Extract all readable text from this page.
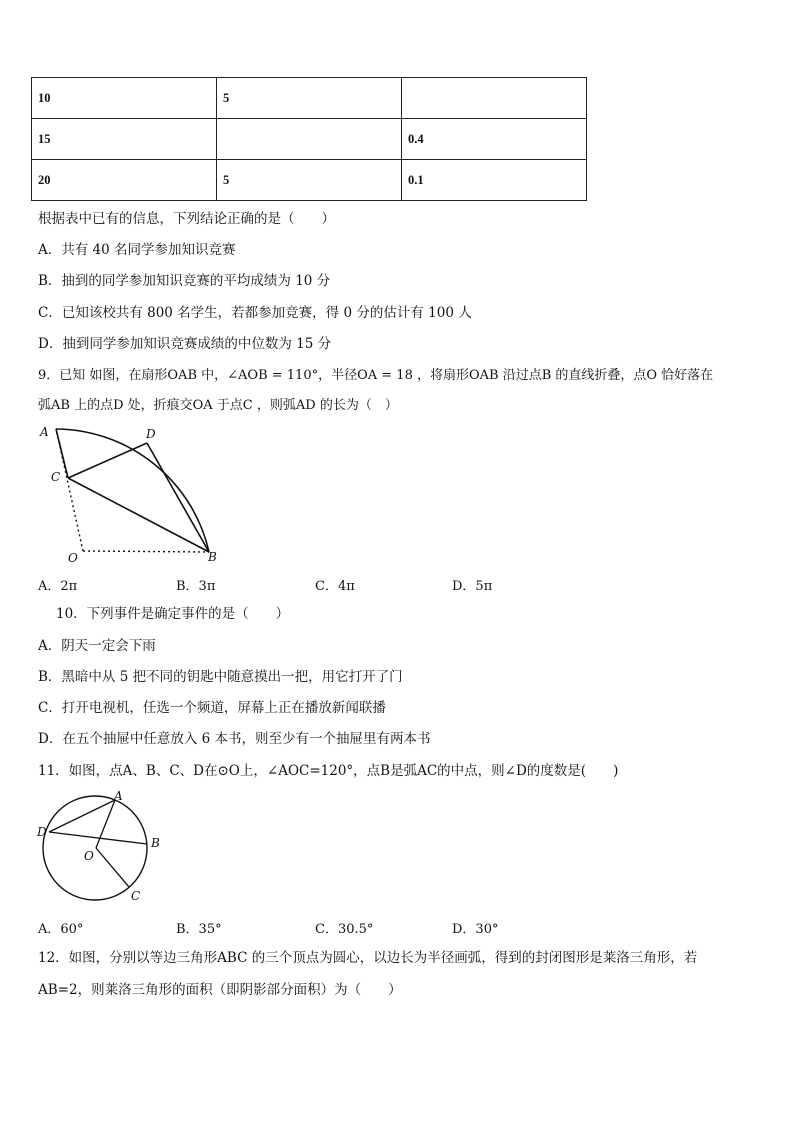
10	5	
15		0.4
20	5	0.1
根据表中已有的信息，下列结论正确的是（　　）
A．共有 40 名同学参加知识竞赛
B．抽到的同学参加知识竞赛的平均成绩为 10 分
C．已知该校共有 800 名学生，若都参加竞赛，得 0 分的估计有 100 人
D．抽到同学参加知识竞赛成绩的中位数为 15 分
9．已知 如图，在扇形OAB 中，∠AOB = 110°，半径OA = 18 ，将扇形OAB 沿过点B 的直线折叠，点O 恰好落在
弧AB 上的点D 处，折痕交OA 于点C ，则弧AD 的长为（　）
A	D
C
O	B
A．2π	B．3π	C．4π	D．5π
10．下列事件是确定事件的是（　　）
A．阴天一定会下雨
B．黑暗中从 5 把不同的钥匙中随意摸出一把，用它打开了门
C．打开电视机，任选一个频道，屏幕上正在播放新闻联播
D．在五个抽屉中任意放入 6 本书，则至少有一个抽屉里有两本书
11．如图，点A、B、C、D在⊙O上，∠AOC=120°，点B是弧AC的中点，则∠D的度数是(　　)
A
B
C
D
O
A．60°	B．35°	C．30.5°	D．30°
12．如图，分别以等边三角形ABC 的三个顶点为圆心，以边长为半径画弧，得到的封闭图形是莱洛三角形，若
AB=2，则莱洛三角形的面积（即阴影部分面积）为（　　）
